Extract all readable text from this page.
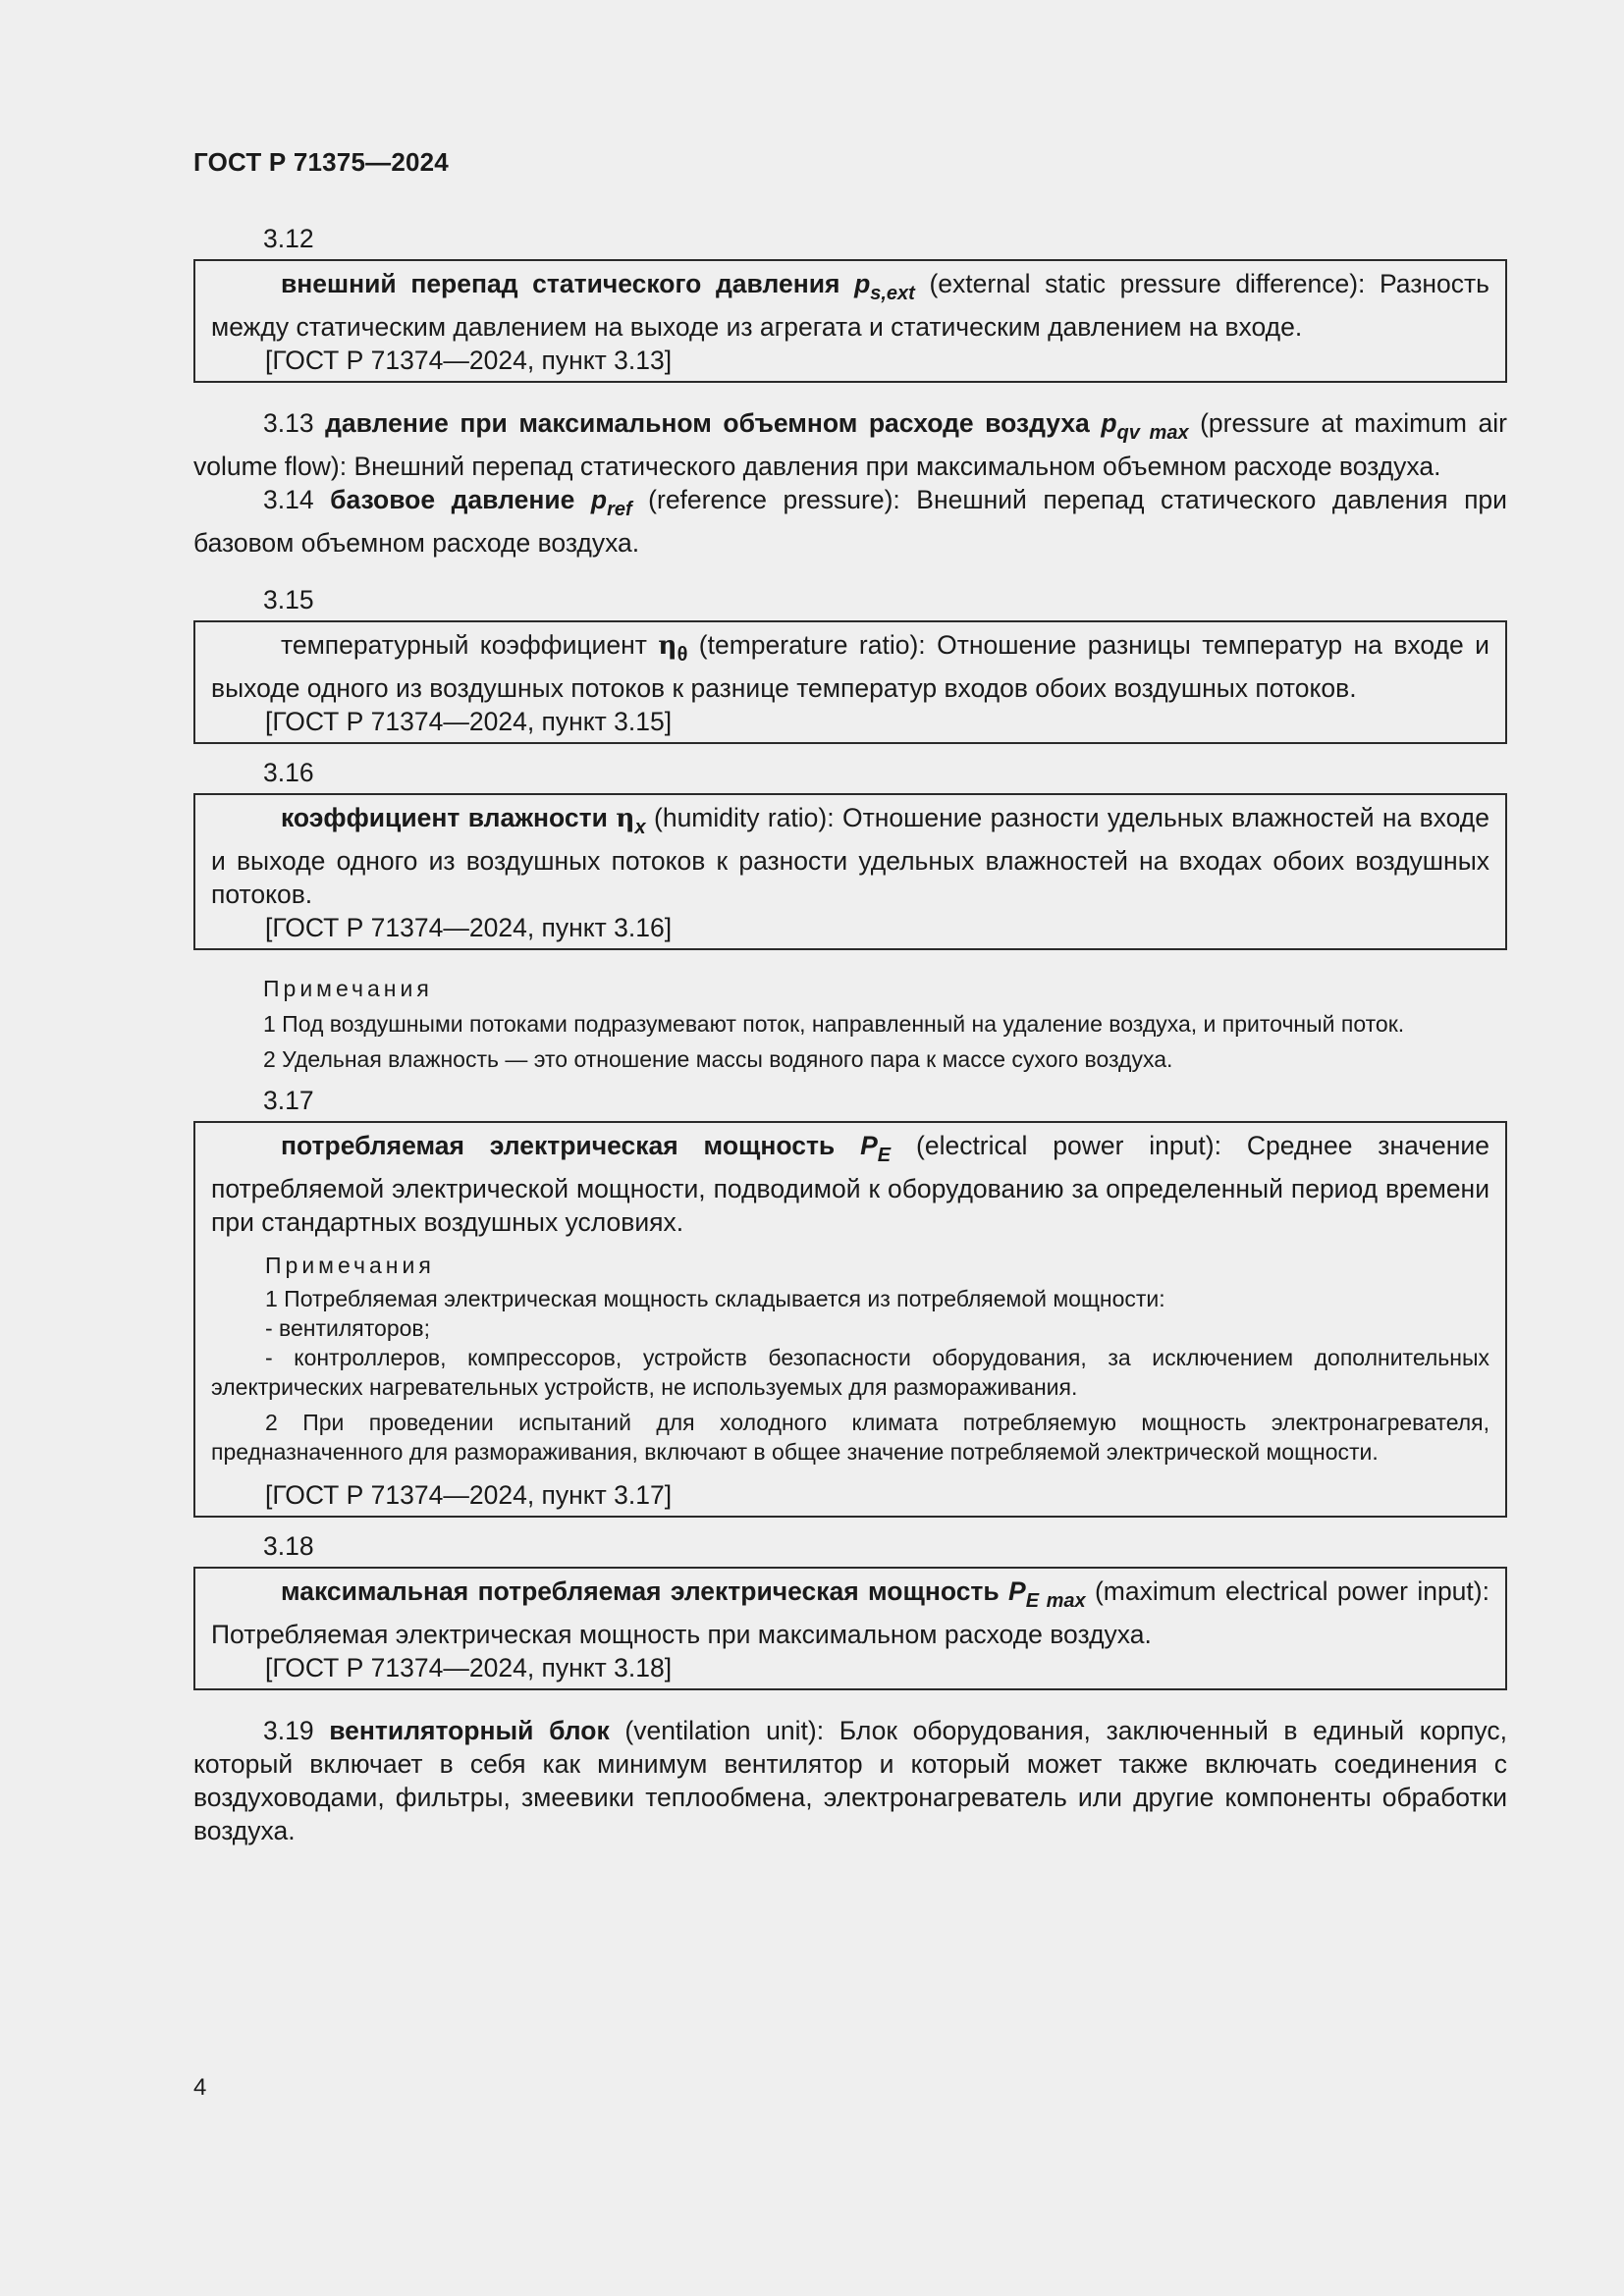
ГОСТ Р 71375—2024

3.12

внешний перепад статического давления $p_{s,ext}$ (external static pressure difference): Разность между статическим давлением на выходе из агрегата и статическим давлением на входе.

[ГОСТ Р 71374—2024, пункт 3.13]

3.13 давление при максимальном объемном расходе воздуха $p_{qv max}$ (pressure at maximum air volume flow): Внешний перепад статического давления при максимальном объемном расходе воздуха.

3.14 базовое давление $p_{ref}$ (reference pressure): Внешний перепад статического давления при базовом объемном расходе воздуха.

3.15

температурный коэффициент $\eta_\theta$ (temperature ratio): Отношение разницы температур на входе и выходе одного из воздушных потоков к разнице температур входов обоих воздушных потоков.

[ГОСТ Р 71374—2024, пункт 3.15]

3.16

коэффициент влажности $\eta_x$ (humidity ratio): Отношение разности удельных влажностей на входе и выходе одного из воздушных потоков к разности удельных влажностей на входах обоих воздушных потоков.

[ГОСТ Р 71374—2024, пункт 3.16]

Примечания

1 Под воздушными потоками подразумевают поток, направленный на удаление воздуха, и приточный поток.

2 Удельная влажность — это отношение массы водяного пара к массе сухого воздуха.

3.17

потребляемая электрическая мощность $P_E$ (electrical power input): Среднее значение потребляемой электрической мощности, подводимой к оборудованию за определенный период времени при стандартных воздушных условиях.

Примечания

1 Потребляемая электрическая мощность складывается из потребляемой мощности:

- вентиляторов;

- контроллеров, компрессоров, устройств безопасности оборудования, за исключением дополнительных электрических нагревательных устройств, не используемых для размораживания.

2 При проведении испытаний для холодного климата потребляемую мощность электронагревателя, предназначенного для размораживания, включают в общее значение потребляемой электрической мощности.

[ГОСТ Р 71374—2024, пункт 3.17]

3.18

максимальная потребляемая электрическая мощность $P_{E max}$ (maximum electrical power input): Потребляемая электрическая мощность при максимальном расходе воздуха.

[ГОСТ Р 71374—2024, пункт 3.18]

3.19 вентиляторный блок (ventilation unit): Блок оборудования, заключенный в единый корпус, который включает в себя как минимум вентилятор и который может также включать соединения с воздуховодами, фильтры, змеевики теплообмена, электронагреватель или другие компоненты обработки воздуха.

4
